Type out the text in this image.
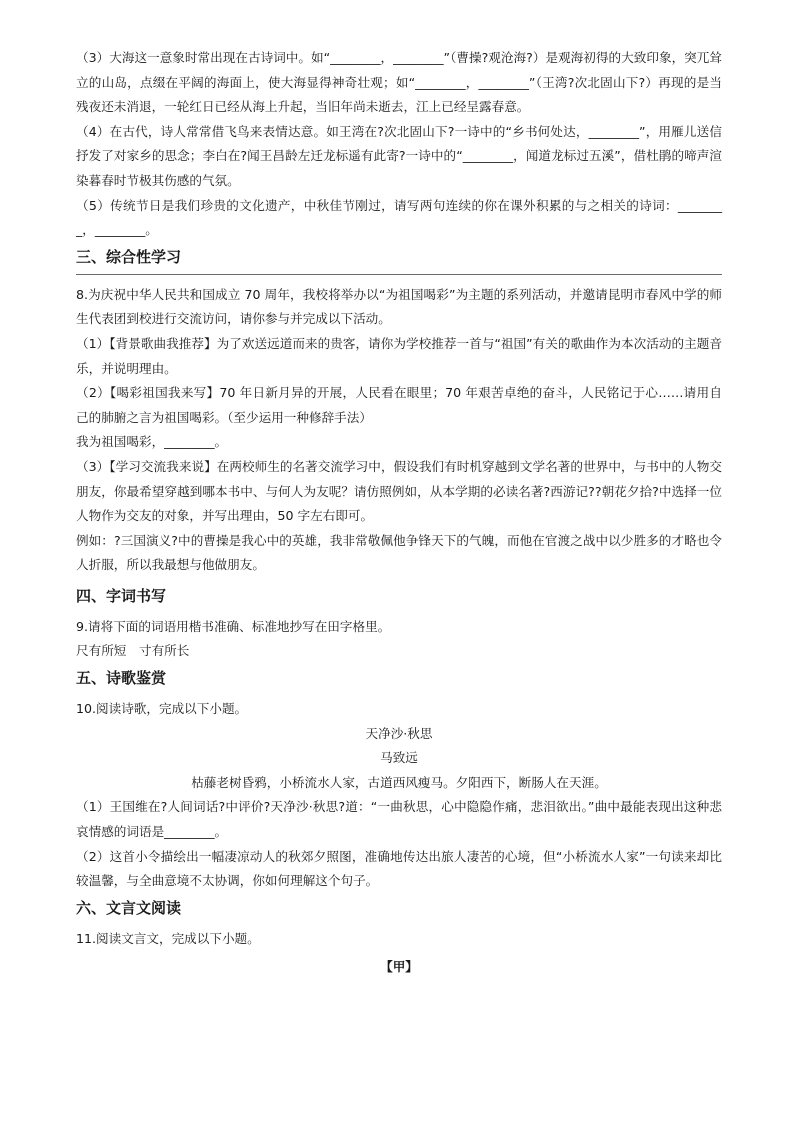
（3）大海这一意象时常出现在古诗词中。如“________，________”（曹操?观沧海?）是观海初得的大致印象，突兀耸立的山岛，点缀在平阔的海面上，使大海显得神奇壮观；如“________，________”（王湾?次北固山下?）再现的是当残夜还未消退，一轮红日已经从海上升起，当旧年尚未逝去，江上已经呈露春意。

（4）在古代，诗人常常借飞鸟来表情达意。如王湾在?次北固山下?一诗中的“乡书何处达，________”，用雁儿送信抒发了对家乡的思念；李白在?闻王昌龄左迁龙标遥有此寄?一诗中的“________，闻道龙标过五溪”，借杜鹃的啼声渲染暮春时节极其伤感的气氛。

（5）传统节日是我们珍贵的文化遗产，中秋佳节刚过，请写两句连续的你在课外积累的与之相关的诗词：________，________。

三、综合性学习

8.为庆祝中华人民共和国成立 70 周年，我校将举办以“为祖国喝彩”为主题的系列活动，并邀请昆明市春风中学的师生代表团到校进行交流访问，请你参与并完成以下活动。

（1）【背景歌曲我推荐】为了欢送远道而来的贵客，请你为学校推荐一首与“祖国”有关的歌曲作为本次活动的主题音乐，并说明理由。

（2）【喝彩祖国我来写】70 年日新月异的开展，人民看在眼里；70 年艰苦卓绝的奋斗，人民铭记于心……请用自己的肺腑之言为祖国喝彩。（至少运用一种修辞手法）

我为祖国喝彩，________。

（3）【学习交流我来说】在两校师生的名著交流学习中，假设我们有时机穿越到文学名著的世界中，与书中的人物交朋友，你最希望穿越到哪本书中、与何人为友呢？请仿照例如，从本学期的必读名著?西游记??朝花夕拾?中选择一位人物作为交友的对象，并写出理由，50 字左右即可。

例如：?三国演义?中的曹操是我心中的英雄，我非常敬佩他争锋天下的气魄，而他在官渡之战中以少胜多的才略也令人折服，所以我最想与他做朋友。

四、字词书写

9.请将下面的词语用楷书准确、标准地抄写在田字格里。

尺有所短　寸有所长

五、诗歌鉴赏

10.阅读诗歌，完成以下小题。

天净沙·秋思

马致远

枯藤老树昏鸦，小桥流水人家，古道西风瘦马。夕阳西下，断肠人在天涯。

（1）王国维在?人间词话?中评价?天净沙·秋思?道：“一曲秋思，心中隐隐作痛，悲泪欲出。”曲中最能表现出这种悲哀情感的词语是________。

（2）这首小令描绘出一幅凄凉动人的秋郊夕照图，准确地传达出旅人凄苦的心境，但“小桥流水人家”一句读来却比较温馨，与全曲意境不太协调，你如何理解这个句子。

六、文言文阅读

11.阅读文言文，完成以下小题。

【甲】
